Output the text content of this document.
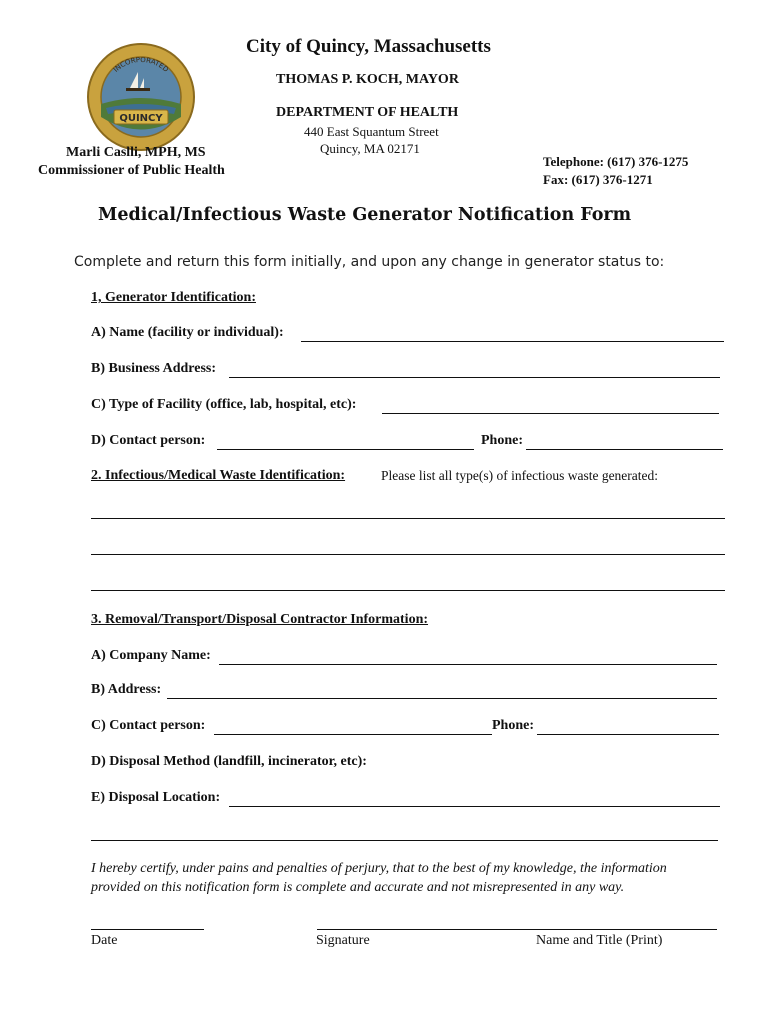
QUINCY
INCORPORATED
City of Quincy, Massachusetts
THOMAS P. KOCH, MAYOR
DEPARTMENT OF HEALTH
440 East Squantum Street
Quincy, MA 02171
Marli Caslli, MPH, MS
Commissioner of Public Health
Telephone: (617) 376-1275
Fax: (617) 376-1271
Medical/Infectious Waste Generator Notification Form
Complete and return this form initially, and upon any change in generator status to:
1, Generator Identification:
A) Name (facility or individual):
B) Business Address:
C) Type of Facility (office, lab, hospital, etc):
D) Contact person:	Phone:
2. Infectious/Medical Waste Identification:	Please list all type(s) of infectious waste generated:
3. Removal/Transport/Disposal Contractor Information:
A) Company Name:
B) Address:
C) Contact person:	Phone:
D) Disposal Method (landfill, incinerator, etc):
E) Disposal Location:
I hereby certify, under pains and penalties of perjury, that to the best of my knowledge, the information
provided on this notification form is complete and accurate and not misrepresented in any way.
Date	Signature	Name and Title (Print)
